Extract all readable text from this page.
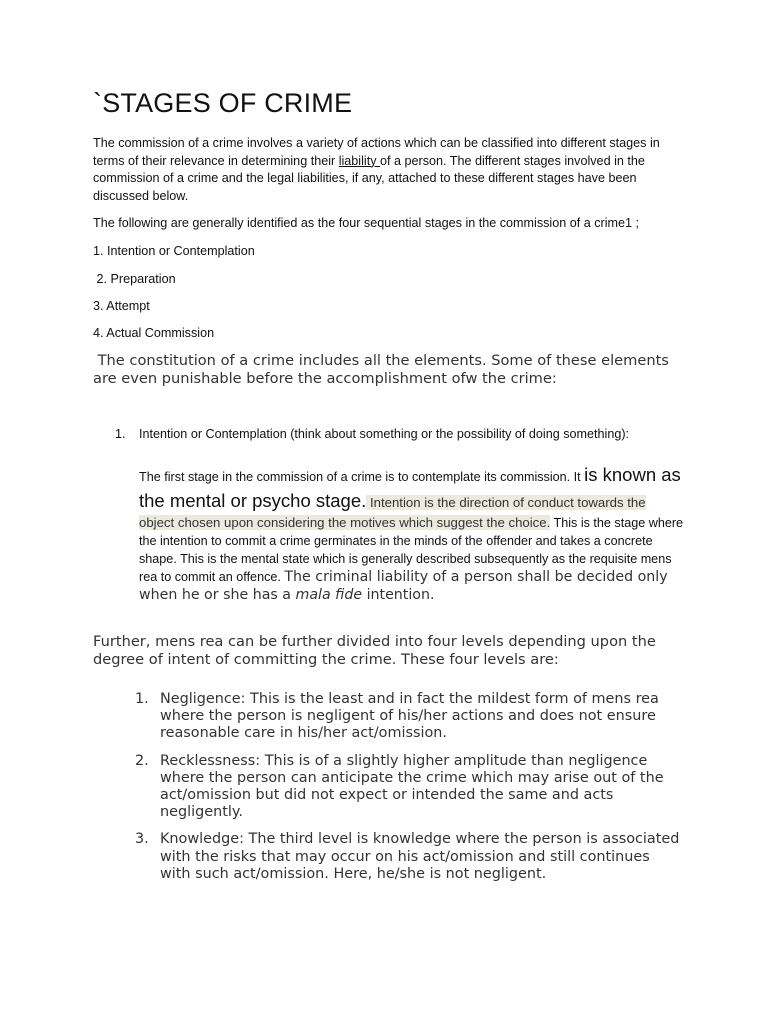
`STAGES OF CRIME

The commission of a crime involves a variety of actions which can be classified into different stages in terms of their relevance in determining their liability of a person. The different stages involved in the commission of a crime and the legal liabilities, if any, attached to these different stages have been discussed below.

The following are generally identified as the four sequential stages in the commission of a crime1 ;

1. Intention or Contemplation

2. Preparation

3. Attempt

4. Actual Commission

The constitution of a crime includes all the elements. Some of these elements are even punishable before the accomplishment ofw the crime:

1. Intention or Contemplation (think about something or the possibility of doing something):

The first stage in the commission of a crime is to contemplate its commission. It is known as the mental or psycho stage. Intention is the direction of conduct towards the object chosen upon considering the motives which suggest the choice. This is the stage where the intention to commit a crime germinates in the minds of the offender and takes a concrete shape. This is the mental state which is generally described subsequently as the requisite mens rea to commit an offence. The criminal liability of a person shall be decided only when he or she has a mala fide intention.

Further, mens rea can be further divided into four levels depending upon the degree of intent of committing the crime. These four levels are:

1. Negligence: This is the least and in fact the mildest form of mens rea where the person is negligent of his/her actions and does not ensure reasonable care in his/her act/omission.
2. Recklessness: This is of a slightly higher amplitude than negligence where the person can anticipate the crime which may arise out of the act/omission but did not expect or intended the same and acts negligently.
3. Knowledge: The third level is knowledge where the person is associated with the risks that may occur on his act/omission and still continues with such act/omission. Here, he/she is not negligent.
